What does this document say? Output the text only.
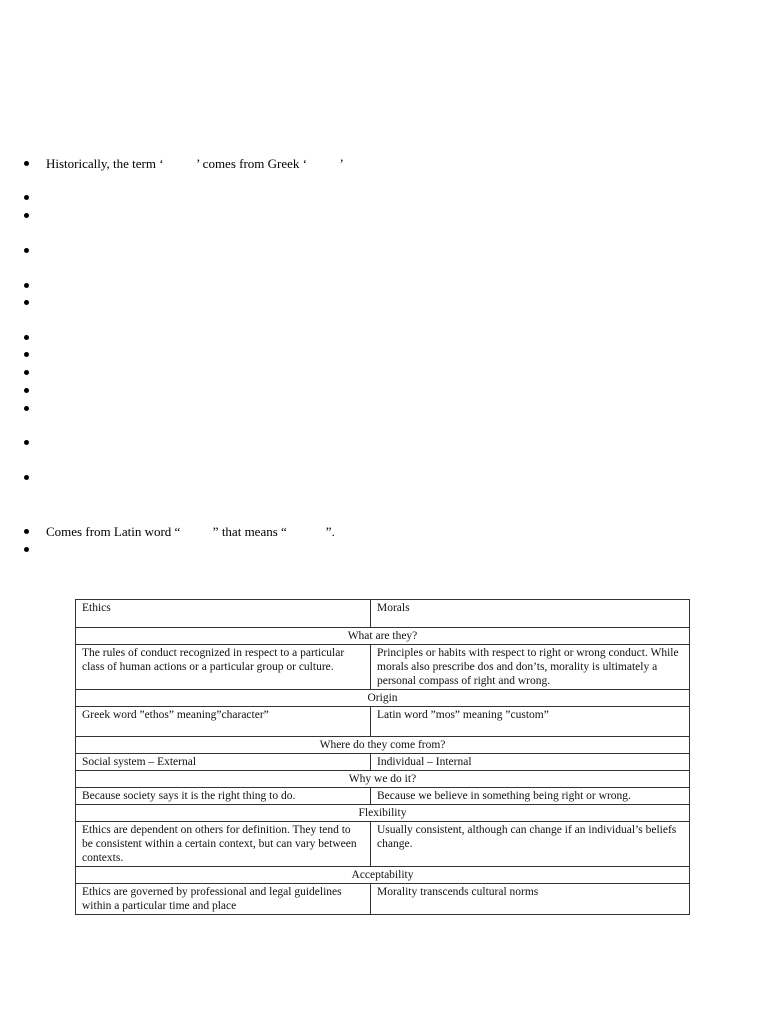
Historically, the term ‘          ’ comes from Greek ‘          ’

Comes from Latin word “          ” that means “            ”.

Ethics	Morals
What are they?	
The rules of conduct recognized in respect to a particular class of human actions or a particular group or culture.	Principles or habits with respect to right or wrong conduct. While morals also prescribe dos and don’ts, morality is ultimately a personal compass of right and wrong.
Origin	
Greek word ”ethos” meaning”character”	Latin word ”mos” meaning ”custom”
Where do they come from?	
Social system – External	Individual – Internal
Why we do it?	
Because society says it is the right thing to do.	Because we believe in something being right or wrong.
Flexibility	
Ethics are dependent on others for definition. They tend to be consistent within a certain context, but can vary between contexts.	Usually consistent, although can change if an individual’s beliefs change.
Acceptability	
Ethics are governed by professional and legal guidelines within a particular time and place	Morality transcends cultural norms
